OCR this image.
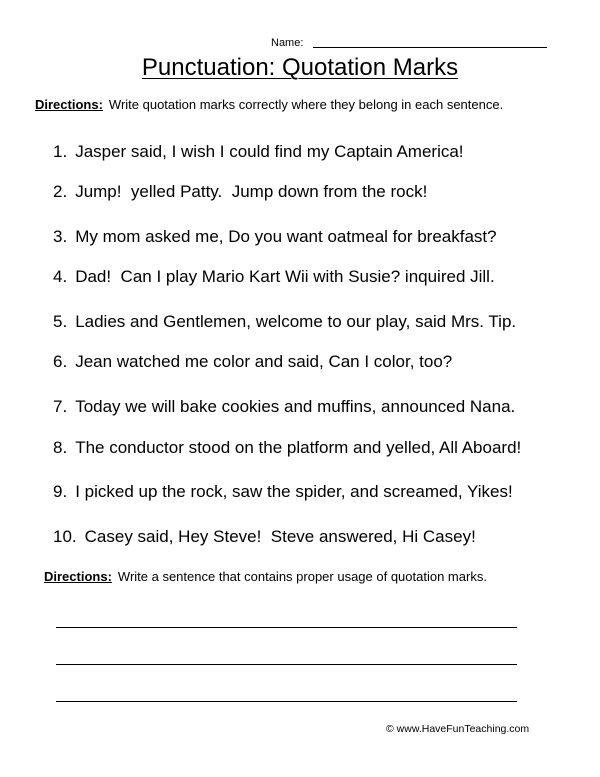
Name:
Punctuation: Quotation Marks
Directions: Write quotation marks correctly where they belong in each sentence.
1. Jasper said, I wish I could find my Captain America!
2. Jump!  yelled Patty.  Jump down from the rock!
3. My mom asked me, Do you want oatmeal for breakfast?
4. Dad!  Can I play Mario Kart Wii with Susie? inquired Jill.
5. Ladies and Gentlemen, welcome to our play, said Mrs. Tip.
6. Jean watched me color and said, Can I color, too?
7. Today we will bake cookies and muffins, announced Nana.
8. The conductor stood on the platform and yelled, All Aboard!
9. I picked up the rock, saw the spider, and screamed, Yikes!
10. Casey said, Hey Steve!  Steve answered, Hi Casey!
Directions: Write a sentence that contains proper usage of quotation marks.
© www.HaveFunTeaching.com
